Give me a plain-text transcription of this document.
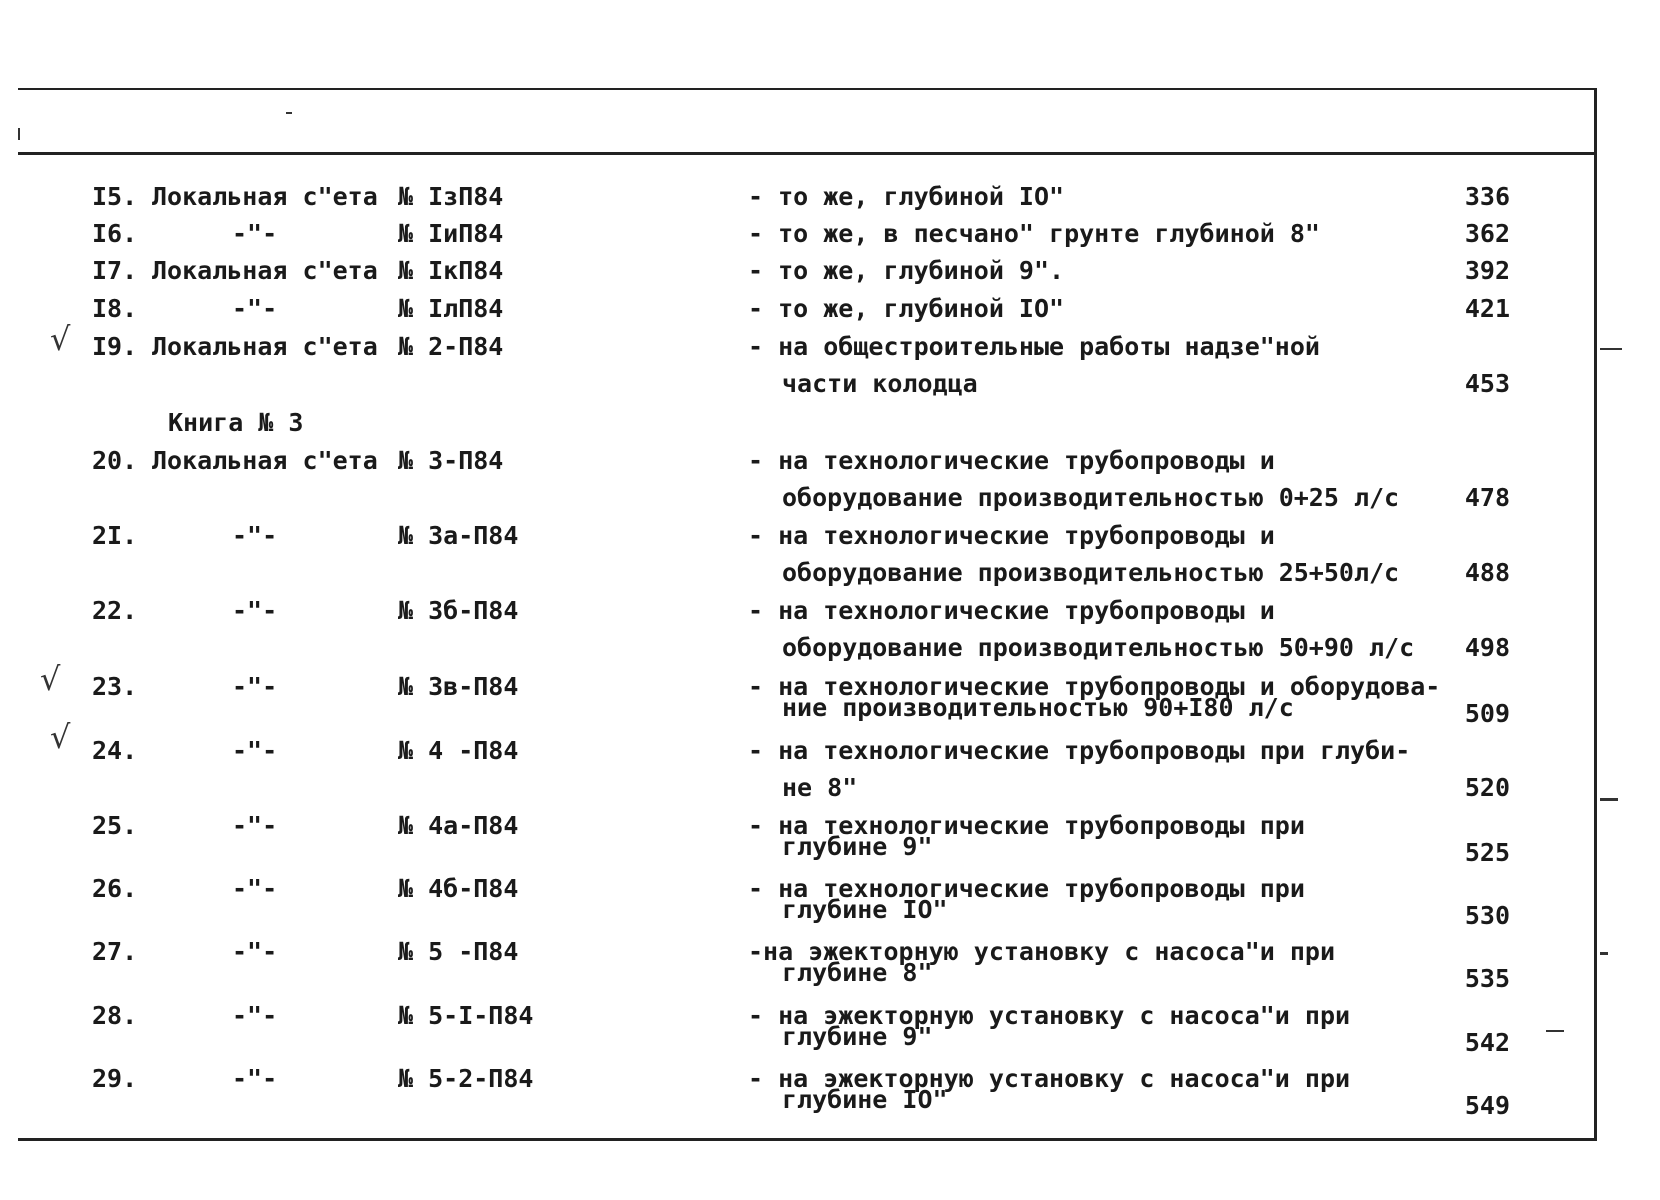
√
√
√
Книга № 3
I5. Локальная с"ета № IзП84	- то же, глубиной IО"	336
I6.	-"-	№ IиП84	- то же, в песчано" грунте глубиной 8"	362
I7. Локальная с"ета № IкП84	- то же, глубиной 9".	392
I8.	-"-	№ IлП84	- то же, глубиной IО"	421
I9. Локальная с"ета № 2-П84	- на общестроительные работы надзе"ной
части колодца	453
20. Локальная с"ета № 3-П84	- на технологические трубопроводы и
оборудование производительностью 0+25 л/с	478
2I.	-"-	№ 3а-П84	- на технологические трубопроводы и
оборудование производительностью 25+50л/с	488
22.	-"-	№ 3б-П84	- на технологические трубопроводы и
оборудование производительностью 50+90 л/с	498
23.	-"-	№ 3в-П84	- на технологические трубопроводы и оборудова-
ние производительностью 90+I80 л/с	509
24.	-"-	№ 4 -П84	- на технологические трубопроводы при глуби-
не 8"	520
25.	-"-	№ 4а-П84	- на технологические трубопроводы при
глубине 9"	525
26.	-"-	№ 4б-П84	- на технологические трубопроводы при
глубине IО"	530
27.	-"-	№ 5 -П84	-на эжекторную установку с насоса"и при
глубине 8"	535
28.	-"-	№ 5-I-П84	- на эжекторную установку с насоса"и при
глубине 9"	542
29.	-"-	№ 5-2-П84	- на эжекторную установку с насоса"и при
глубине IО"	549
